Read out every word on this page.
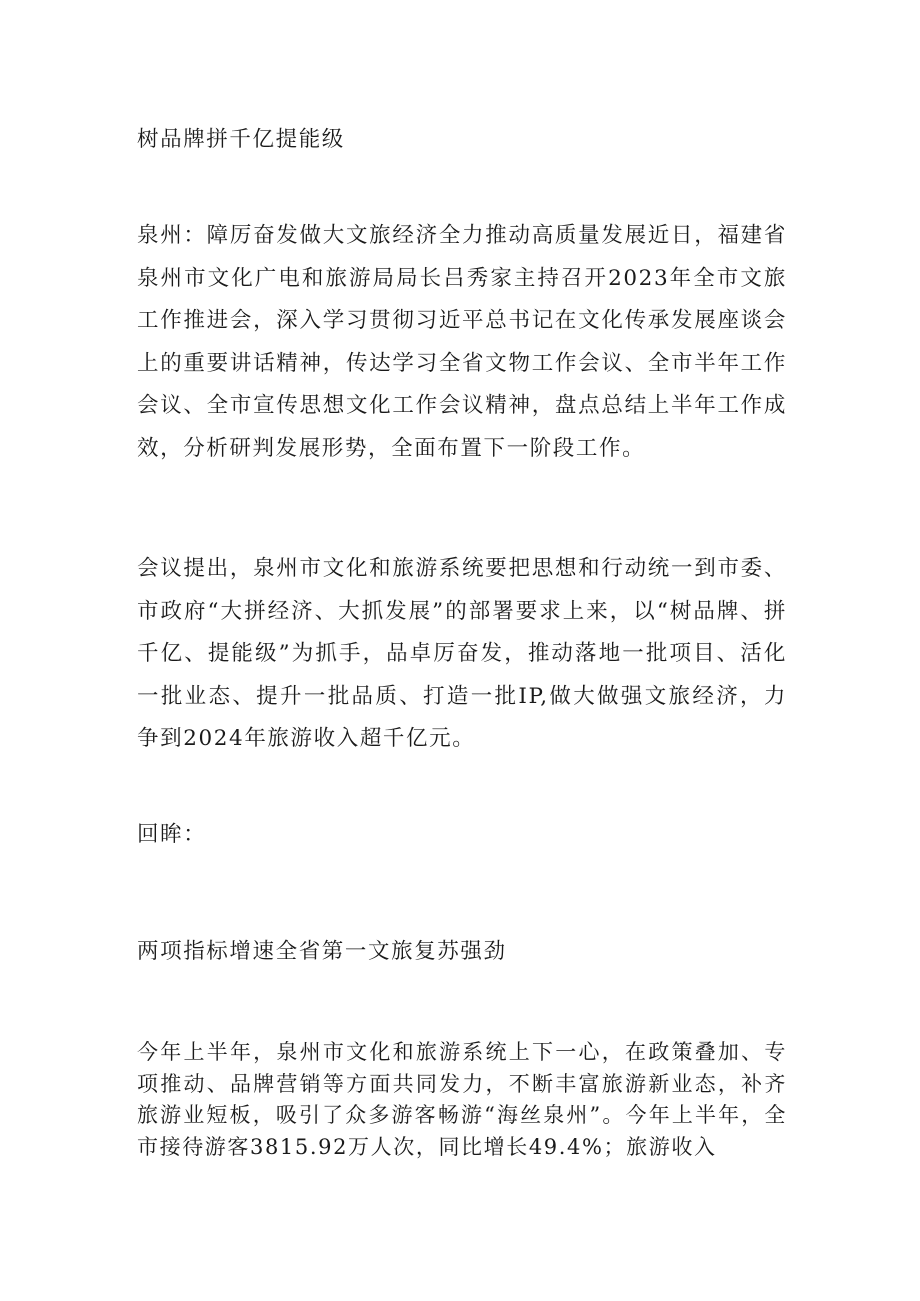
树品牌拼千亿提能级

泉州：障厉奋发做大文旅经济全力推动高质量发展近日，福建省泉州市文化广电和旅游局局长吕秀家主持召开2023年全市文旅工作推进会，深入学习贯彻习近平总书记在文化传承发展座谈会上的重要讲话精神，传达学习全省文物工作会议、全市半年工作会议、全市宣传思想文化工作会议精神，盘点总结上半年工作成效，分析研判发展形势，全面布置下一阶段工作。

会议提出，泉州市文化和旅游系统要把思想和行动统一到市委、市政府“大拼经济、大抓发展”的部署要求上来，以“树品牌、拼千亿、提能级”为抓手，品卓厉奋发，推动落地一批项目、活化一批业态、提升一批品质、打造一批IP,做大做强文旅经济，力争到2024年旅游收入超千亿元。

回眸：

两项指标增速全省第一文旅复苏强劲

今年上半年，泉州市文化和旅游系统上下一心，在政策叠加、专项推动、品牌营销等方面共同发力，不断丰富旅游新业态，补齐旅游业短板，吸引了众多游客畅游“海丝泉州”。今年上半年，全市接待游客3815.92万人次，同比增长49.4%；旅游收入
